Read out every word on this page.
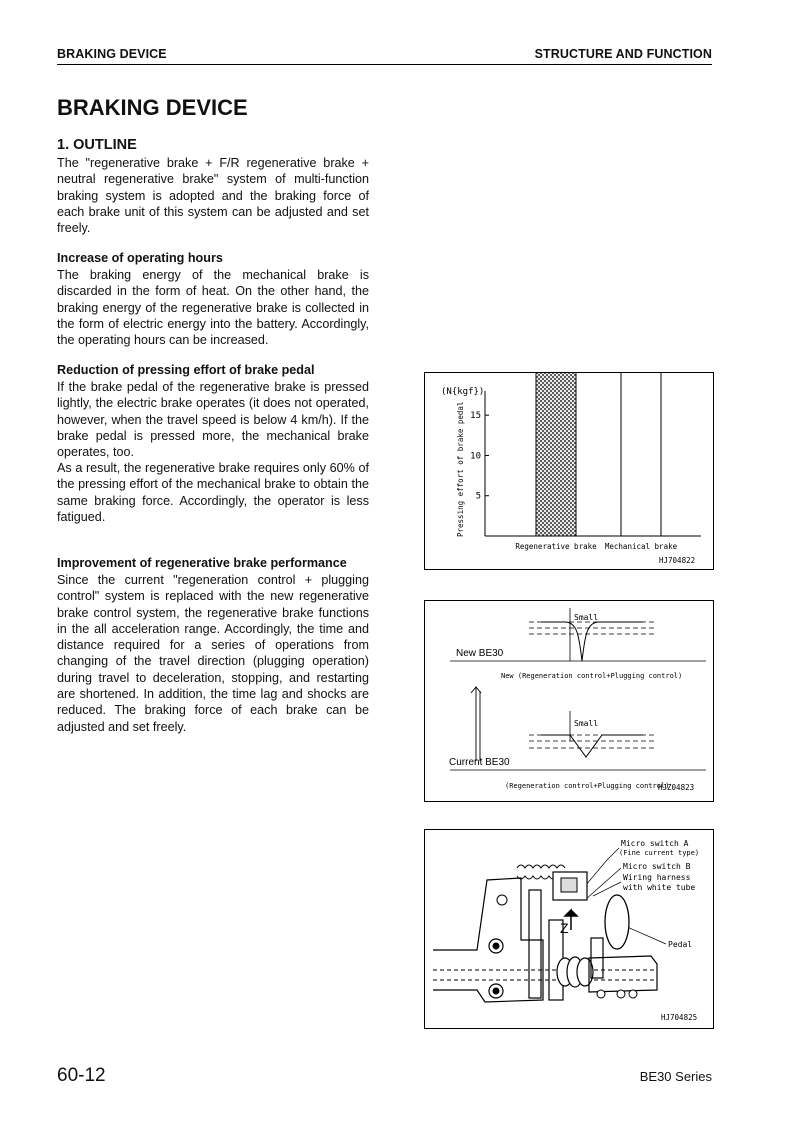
BRAKING DEVICE	STRUCTURE AND FUNCTION
BRAKING DEVICE
1. OUTLINE

The "regenerative brake + F/R regenerative brake + neutral regenerative brake" system of multi-function braking system is adopted and the braking force of each brake unit of this system can be adjusted and set freely.

Increase of operating hours

The braking energy of the mechanical brake is discarded in the form of heat. On the other hand, the braking energy of the regenerative brake is collected in the form of electric energy into the battery. Accordingly, the operating hours can be increased.

Reduction of pressing effort of brake pedal

If the brake pedal of the regenerative brake is pressed lightly, the electric brake operates (it does not operated, however, when the travel speed is below 4 km/h). If the brake pedal is pressed more, the mechanical brake operates, too.

As a result, the regenerative brake requires only 60% of the pressing effort of the mechanical brake to obtain the same braking force. Accordingly, the operator is less fatigued.

Improvement of regenerative brake performance

Since the current "regeneration control + plugging control" system is replaced with the new regenerative brake control system, the regenerative brake functions in the all acceleration range. Accordingly, the time and distance required for a series of operations from changing of the travel direction (plugging operation) during travel to deceleration, stopping, and restarting are shortened. In addition, the time lag and shocks are reduced. The braking force of each brake can be adjusted and set freely.

(N{kgf})
Pressing effort of brake pedal 5
10
15
Regenerative brake Mechanical brake
HJ704822
Small
New BE30
New (Regeneration control+Plugging control)
Small
Current BE30
(Regeneration control+Plugging control)
HJZ04823
Micro switch A
(Fine current type)
Micro switch B
Wiring harness
with white tube
Pedal
Z
HJ704825
60-12	BE30 Series
